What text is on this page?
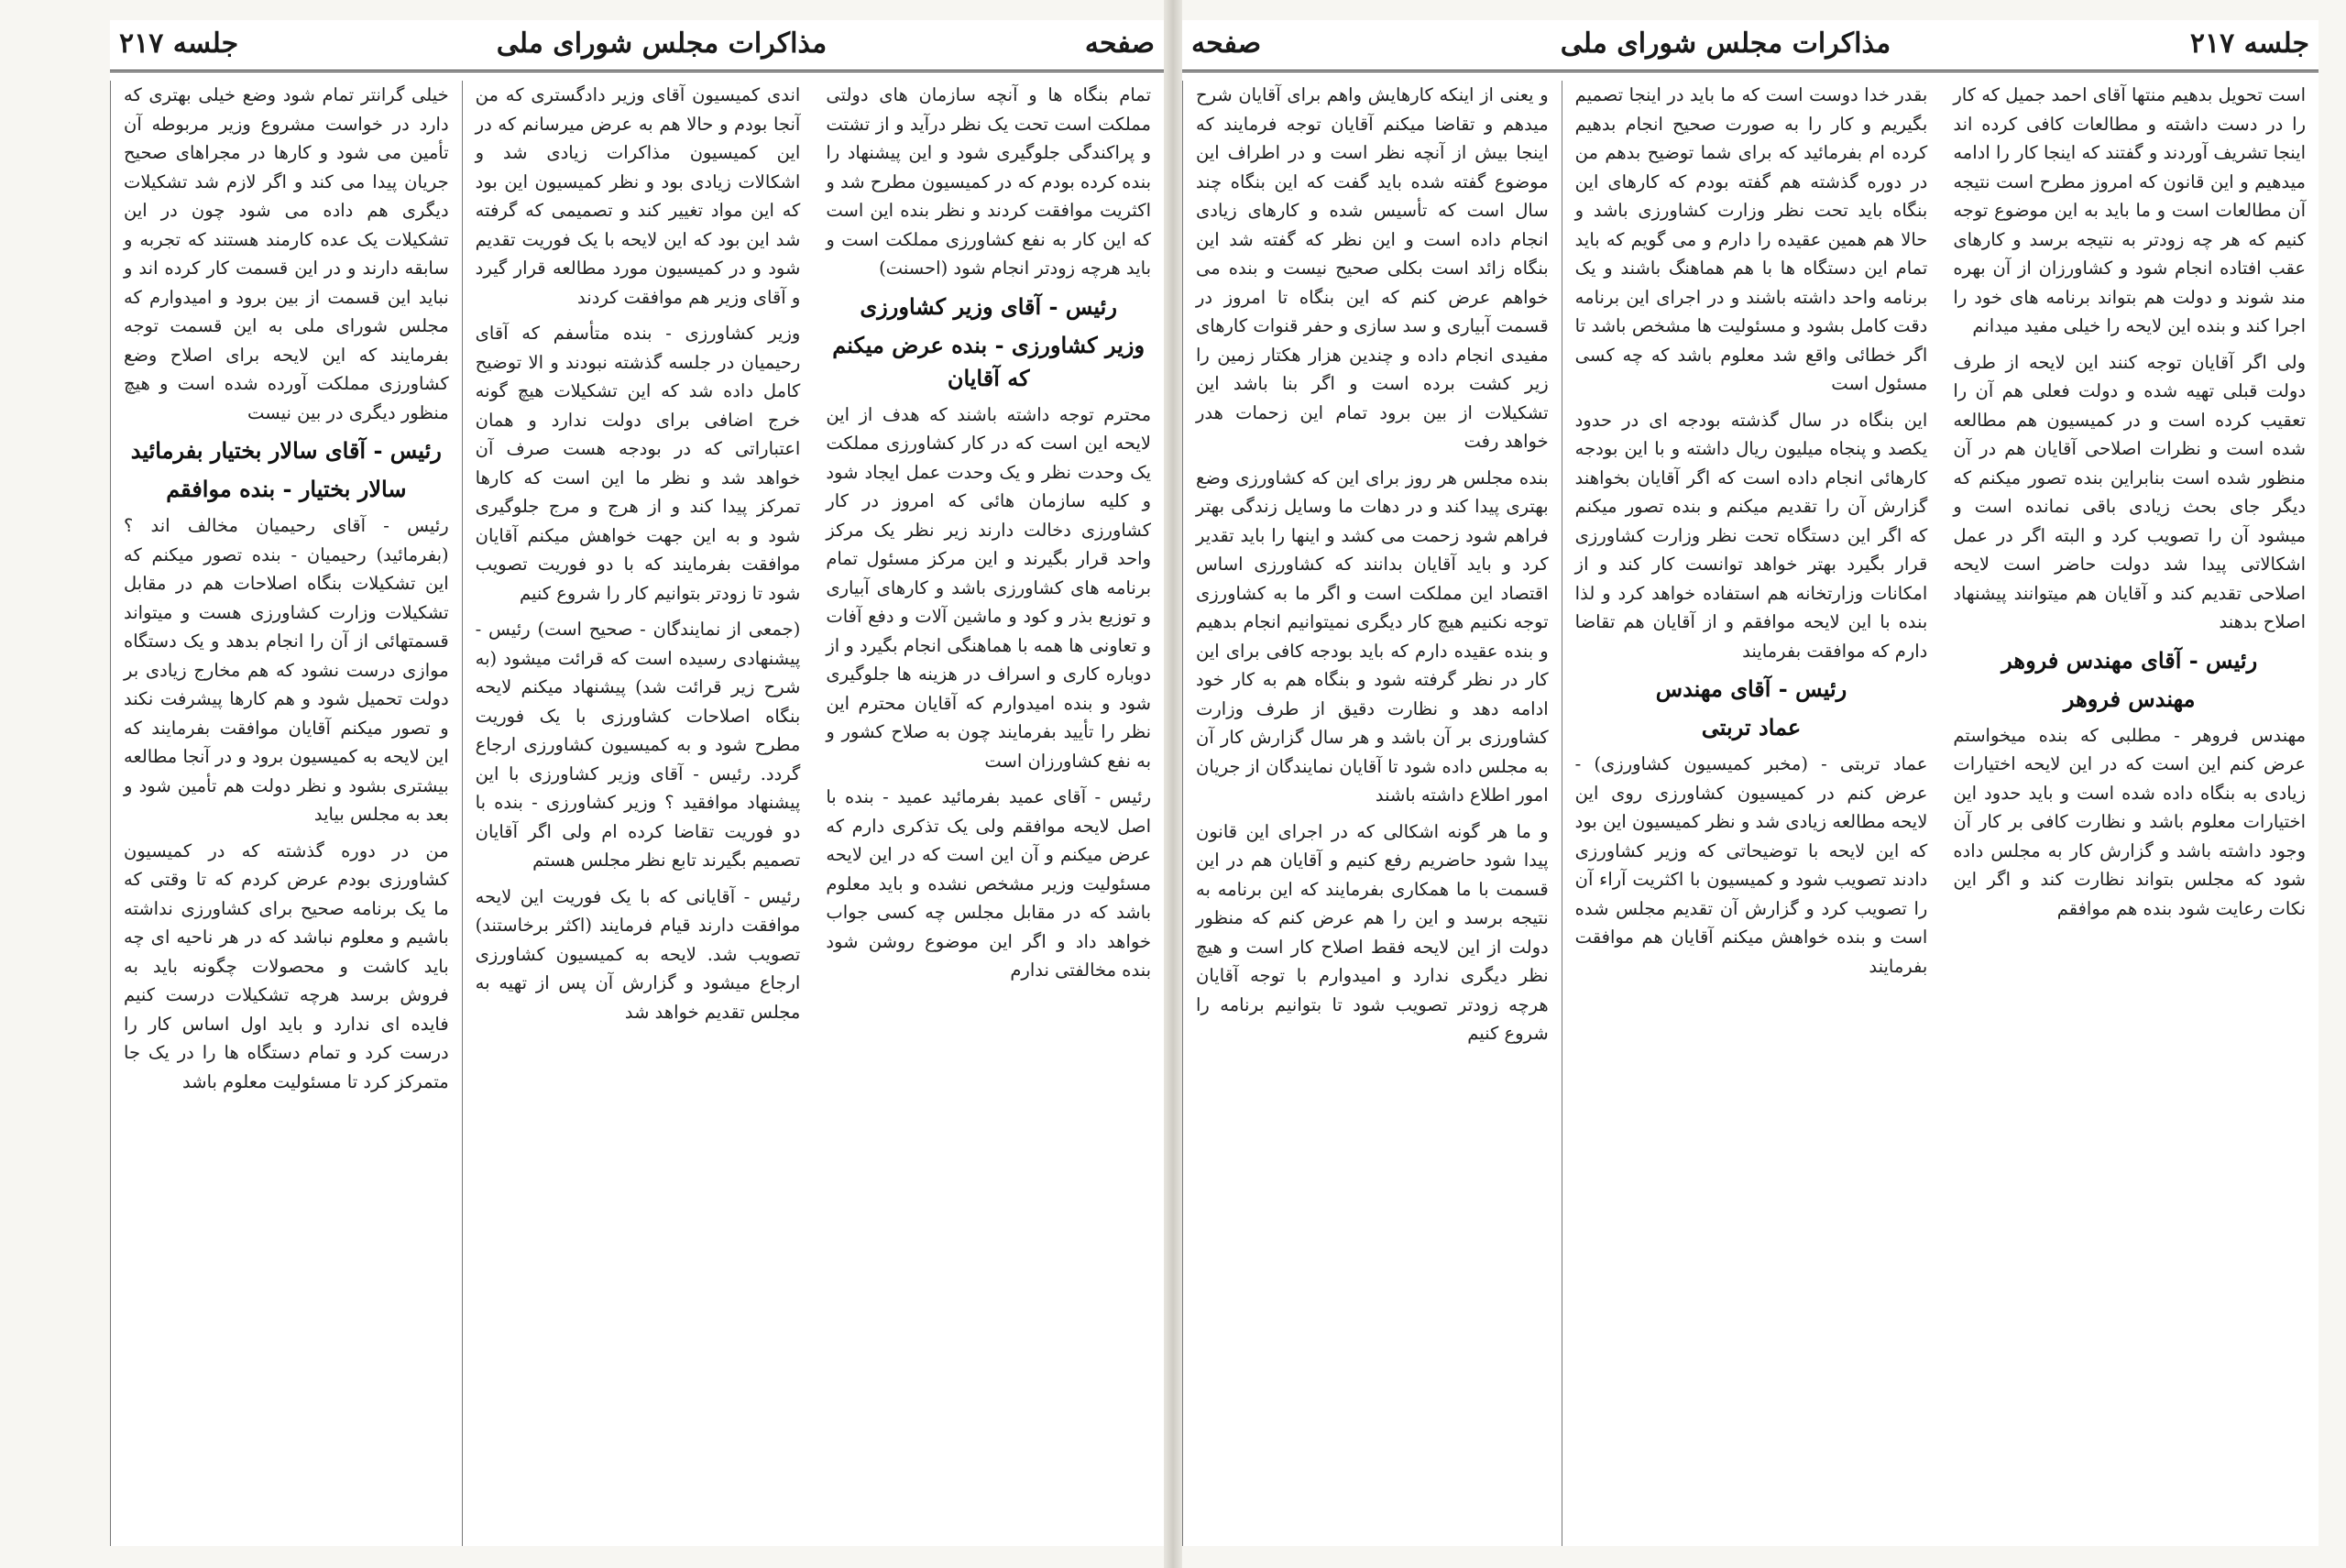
صفحه
مذاکرات مجلس شورای ملی
جلسه ۲۱۷
خیلی گرانتر تمام شود وضع خیلی بهتری که دارد در خواست مشروع وزیر مربوطه آن تأمین می شود و کارها در مجراهای صحیح جریان پیدا می کند و اگر لازم شد تشکیلات دیگری هم داده می شود چون در این تشکیلات یک عده کارمند هستند که تجربه و سابقه دارند و در این قسمت کار کرده اند و نباید این قسمت از بین برود و امیدوارم که مجلس شورای ملی به این قسمت توجه بفرمایند که این لایحه برای اصلاح وضع کشاورزی مملکت آورده شده است و هیچ منظور دیگری در بین نیست
رئیس - آقای سالار بختیار بفرمائید
سالار بختیار - بنده موافقم
رئیس - آقای رحیمیان مخالف اند ؟ (بفرمائید) رحیمیان - بنده تصور میکنم که این تشکیلات بنگاه اصلاحات هم در مقابل تشکیلات وزارت کشاورزی هست و میتواند قسمتهائی از آن را انجام بدهد و یک دستگاه موازی درست نشود که هم مخارج زیادی بر دولت تحمیل شود و هم کارها پیشرفت نکند و تصور میکنم آقایان موافقت بفرمایند که این لایحه به کمیسیون برود و در آنجا مطالعه بیشتری بشود و نظر دولت هم تأمین شود و بعد به مجلس بیاید
من در دوره گذشته که در کمیسیون کشاورزی بودم عرض کردم که تا وقتی که ما یک برنامه صحیح برای کشاورزی نداشته باشیم و معلوم نباشد که در هر ناحیه ای چه باید کاشت و محصولات چگونه باید به فروش برسد هرچه تشکیلات درست کنیم فایده ای ندارد و باید اول اساس کار را درست کرد و تمام دستگاه ها را در یک جا متمرکز کرد تا مسئولیت معلوم باشد
اندی کمیسیون آقای وزیر دادگستری که من آنجا بودم و حالا هم به عرض میرسانم که در این کمیسیون مذاکرات زیادی شد و اشکالات زیادی بود و نظر کمیسیون این بود که این مواد تغییر کند و تصمیمی که گرفته شد این بود که این لایحه با یک فوریت تقدیم شود و در کمیسیون مورد مطالعه قرار گیرد و آقای وزیر هم موافقت کردند
وزیر کشاورزی - بنده متأسفم که آقای رحیمیان در جلسه گذشته نبودند و الا توضیح کامل داده شد که این تشکیلات هیچ گونه خرج اضافی برای دولت ندارد و همان اعتباراتی که در بودجه هست صرف آن خواهد شد و نظر ما این است که کارها تمرکز پیدا کند و از هرج و مرج جلوگیری شود و به این جهت خواهش میکنم آقایان موافقت بفرمایند که با دو فوریت تصویب شود تا زودتر بتوانیم کار را شروع کنیم
(جمعی از نمایندگان - صحیح است) رئیس - پیشنهادی رسیده است که قرائت میشود (به شرح زیر قرائت شد) پیشنهاد میکنم لایحه بنگاه اصلاحات کشاورزی با یک فوریت مطرح شود و به کمیسیون کشاورزی ارجاع گردد. رئیس - آقای وزیر کشاورزی با این پیشنهاد موافقید ؟ وزیر کشاورزی - بنده با دو فوریت تقاضا کرده ام ولی اگر آقایان تصمیم بگیرند تابع نظر مجلس هستم
رئیس - آقایانی که با یک فوریت این لایحه موافقت دارند قیام فرمایند (اکثر برخاستند) تصویب شد. لایحه به کمیسیون کشاورزی ارجاع میشود و گزارش آن پس از تهیه به مجلس تقدیم خواهد شد
تمام بنگاه ها و آنچه سازمان های دولتی مملکت است تحت یک نظر درآید و از تشتت و پراکندگی جلوگیری شود و این پیشنهاد را بنده کرده بودم که در کمیسیون مطرح شد و اکثریت موافقت کردند و نظر بنده این است که این کار به نفع کشاورزی مملکت است و باید هرچه زودتر انجام شود (احسنت)
رئیس - آقای وزیر کشاورزی
وزیر کشاورزی - بنده عرض میکنم که آقایان
محترم توجه داشته باشند که هدف از این لایحه این است که در کار کشاورزی مملکت یک وحدت نظر و یک وحدت عمل ایجاد شود و کلیه سازمان هائی که امروز در کار کشاورزی دخالت دارند زیر نظر یک مرکز واحد قرار بگیرند و این مرکز مسئول تمام برنامه های کشاورزی باشد و کارهای آبیاری و توزیع بذر و کود و ماشین آلات و دفع آفات و تعاونی ها همه با هماهنگی انجام بگیرد و از دوباره کاری و اسراف در هزینه ها جلوگیری شود و بنده امیدوارم که آقایان محترم این نظر را تأیید بفرمایند چون به صلاح کشور و به نفع کشاورزان است
رئیس - آقای عمید بفرمائید عمید - بنده با اصل لایحه موافقم ولی یک تذکری دارم که عرض میکنم و آن این است که در این لایحه مسئولیت وزیر مشخص نشده و باید معلوم باشد که در مقابل مجلس چه کسی جواب خواهد داد و اگر این موضوع روشن شود بنده مخالفتی ندارم
جلسه ۲۱۷
مذاکرات مجلس شورای ملی
صفحه
و یعنی از اینکه کارهایش واهم برای آقایان شرح میدهم و تقاضا میکنم آقایان توجه فرمایند که اینجا بیش از آنچه نظر است و در اطراف این موضوع گفته شده باید گفت که این بنگاه چند سال است که تأسیس شده و کارهای زیادی انجام داده است و این نظر که گفته شد این بنگاه زائد است بکلی صحیح نیست و بنده می خواهم عرض کنم که این بنگاه تا امروز در قسمت آبیاری و سد سازی و حفر قنوات کارهای مفیدی انجام داده و چندین هزار هکتار زمین را زیر کشت برده است و اگر بنا باشد این تشکیلات از بین برود تمام این زحمات هدر خواهد رفت
بنده مجلس هر روز برای این که کشاورزی وضع بهتری پیدا کند و در دهات ما وسایل زندگی بهتر فراهم شود زحمت می کشد و اینها را باید تقدیر کرد و باید آقایان بدانند که کشاورزی اساس اقتصاد این مملکت است و اگر ما به کشاورزی توجه نکنیم هیچ کار دیگری نمیتوانیم انجام بدهیم و بنده عقیده دارم که باید بودجه کافی برای این کار در نظر گرفته شود و بنگاه هم به کار خود ادامه دهد و نظارت دقیق از طرف وزارت کشاورزی بر آن باشد و هر سال گزارش کار آن به مجلس داده شود تا آقایان نمایندگان از جریان امور اطلاع داشته باشند
و ما هر گونه اشکالی که در اجرای این قانون پیدا شود حاضریم رفع کنیم و آقایان هم در این قسمت با ما همکاری بفرمایند که این برنامه به نتیجه برسد و این را هم عرض کنم که منظور دولت از این لایحه فقط اصلاح کار است و هیچ نظر دیگری ندارد و امیدوارم با توجه آقایان هرچه زودتر تصویب شود تا بتوانیم برنامه را شروع کنیم
بقدر خدا دوست است که ما باید در اینجا تصمیم بگیریم و کار را به صورت صحیح انجام بدهیم کرده ام بفرمائید که برای شما توضیح بدهم من در دوره گذشته هم گفته بودم که کارهای این بنگاه باید تحت نظر وزارت کشاورزی باشد و حالا هم همین عقیده را دارم و می گویم که باید تمام این دستگاه ها با هم هماهنگ باشند و یک برنامه واحد داشته باشند و در اجرای این برنامه دقت کامل بشود و مسئولیت ها مشخص باشد تا اگر خطائی واقع شد معلوم باشد که چه کسی مسئول است
این بنگاه در سال گذشته بودجه ای در حدود یکصد و پنجاه میلیون ریال داشته و با این بودجه کارهائی انجام داده است که اگر آقایان بخواهند گزارش آن را تقدیم میکنم و بنده تصور میکنم که اگر این دستگاه تحت نظر وزارت کشاورزی قرار بگیرد بهتر خواهد توانست کار کند و از امکانات وزارتخانه هم استفاده خواهد کرد و لذا بنده با این لایحه موافقم و از آقایان هم تقاضا دارم که موافقت بفرمایند
رئیس - آقای مهندس
عماد تربتی
عماد تربتی - (مخبر کمیسیون کشاورزی) - عرض کنم در کمیسیون کشاورزی روی این لایحه مطالعه زیادی شد و نظر کمیسیون این بود که این لایحه با توضیحاتی که وزیر کشاورزی دادند تصویب شود و کمیسیون با اکثریت آراء آن را تصویب کرد و گزارش آن تقدیم مجلس شده است و بنده خواهش میکنم آقایان هم موافقت بفرمایند
است تحویل بدهیم منتها آقای احمد جمیل که کار را در دست داشته و مطالعات کافی کرده اند اینجا تشریف آوردند و گفتند که اینجا کار را ادامه میدهیم و این قانون که امروز مطرح است نتیجه آن مطالعات است و ما باید به این موضوع توجه کنیم که هر چه زودتر به نتیجه برسد و کارهای عقب افتاده انجام شود و کشاورزان از آن بهره مند شوند و دولت هم بتواند برنامه های خود را اجرا کند و بنده این لایحه را خیلی مفید میدانم
ولی اگر آقایان توجه کنند این لایحه از طرف دولت قبلی تهیه شده و دولت فعلی هم آن را تعقیب کرده است و در کمیسیون هم مطالعه شده است و نظرات اصلاحی آقایان هم در آن منظور شده است بنابراین بنده تصور میکنم که دیگر جای بحث زیادی باقی نمانده است و میشود آن را تصویب کرد و البته اگر در عمل اشکالاتی پیدا شد دولت حاضر است لایحه اصلاحی تقدیم کند و آقایان هم میتوانند پیشنهاد اصلاح بدهند
رئیس - آقای مهندس فروهر
مهندس فروهر
مهندس فروهر - مطلبی که بنده میخواستم عرض کنم این است که در این لایحه اختیارات زیادی به بنگاه داده شده است و باید حدود این اختیارات معلوم باشد و نظارت کافی بر کار آن وجود داشته باشد و گزارش کار به مجلس داده شود که مجلس بتواند نظارت کند و اگر این نکات رعایت شود بنده هم موافقم
